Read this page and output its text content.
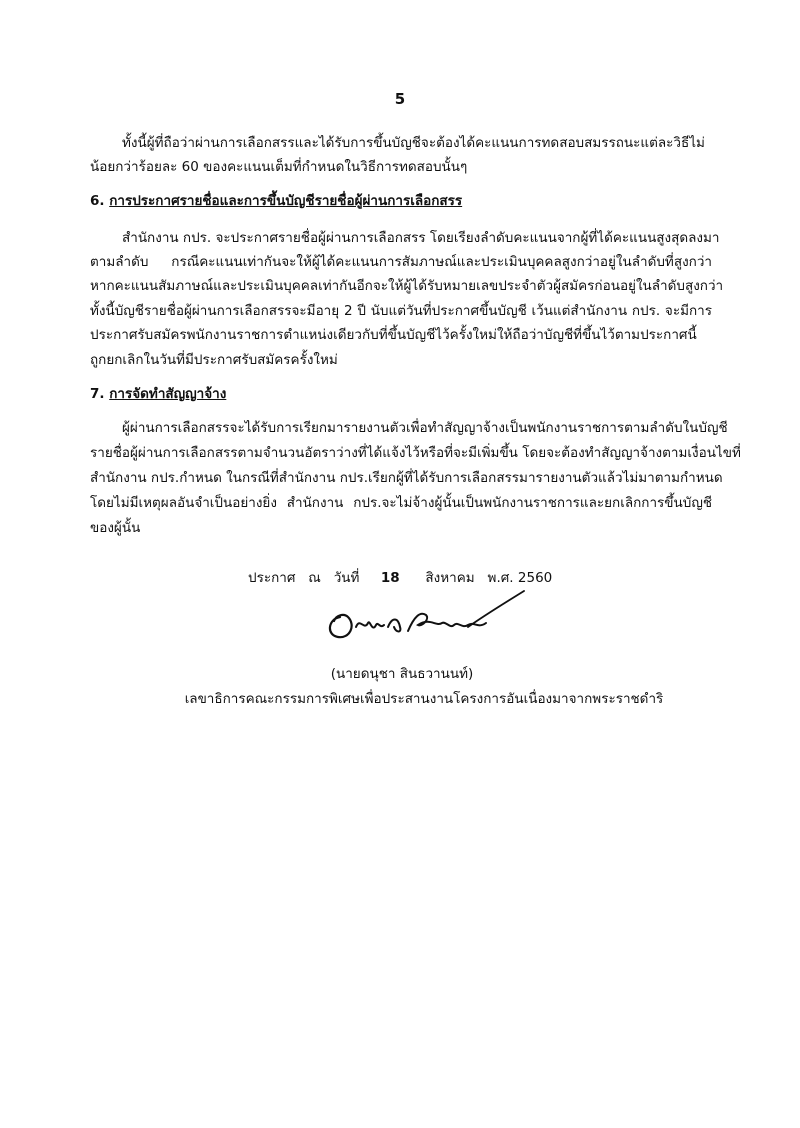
5
ทั้งนี้ผู้ที่ถือว่าผ่านการเลือกสรรและได้รับการขึ้นบัญชีจะต้องได้คะแนนการทดสอบสมรรถนะแต่ละวิธีไม่
น้อยกว่าร้อยละ 60 ของคะแนนเต็มที่กำหนดในวิธีการทดสอบนั้นๆ
6. การประกาศรายชื่อและการขึ้นบัญชีรายชื่อผู้ผ่านการเลือกสรร
สำนักงาน กปร. จะประกาศรายชื่อผู้ผ่านการเลือกสรร โดยเรียงลำดับคะแนนจากผู้ที่ได้คะแนนสูงสุดลงมา
ตามลำดับ กรณีคะแนนเท่ากันจะให้ผู้ได้คะแนนการสัมภาษณ์และประเมินบุคคลสูงกว่าอยู่ในลำดับที่สูงกว่า
หากคะแนนสัมภาษณ์และประเมินบุคคลเท่ากันอีกจะให้ผู้ได้รับหมายเลขประจำตัวผู้สมัครก่อนอยู่ในลำดับสูงกว่า
ทั้งนี้บัญชีรายชื่อผู้ผ่านการเลือกสรรจะมีอายุ 2 ปี นับแต่วันที่ประกาศขึ้นบัญชี เว้นแต่สำนักงาน กปร. จะมีการ
ประกาศรับสมัครพนักงานราชการตำแหน่งเดียวกับที่ขึ้นบัญชีไว้ครั้งใหม่ให้ถือว่าบัญชีที่ขึ้นไว้ตามประกาศนี้
ถูกยกเลิกในวันที่มีประกาศรับสมัครครั้งใหม่
7. การจัดทำสัญญาจ้าง
ผู้ผ่านการเลือกสรรจะได้รับการเรียกมารายงานตัวเพื่อทำสัญญาจ้างเป็นพนักงานราชการตามลำดับในบัญชี
รายชื่อผู้ผ่านการเลือกสรรตามจำนวนอัตราว่างที่ได้แจ้งไว้หรือที่จะมีเพิ่มขึ้น โดยจะต้องทำสัญญาจ้างตามเงื่อนไขที่
สำนักงาน กปร.กำหนด ในกรณีที่สำนักงาน กปร.เรียกผู้ที่ได้รับการเลือกสรรมารายงานตัวแล้วไม่มาตามกำหนด
โดยไม่มีเหตุผลอันจำเป็นอย่างยิ่ง สำนักงาน กปร.จะไม่จ้างผู้นั้นเป็นพนักงานราชการและยกเลิกการขึ้นบัญชี
ของผู้นั้น
ประกาศ ณ วันที่ 18 สิงหาคม พ.ศ. 2560
(นายดนุชา สินธวานนท์)
เลขาธิการคณะกรรมการพิเศษเพื่อประสานงานโครงการอันเนื่องมาจากพระราชดำริ
